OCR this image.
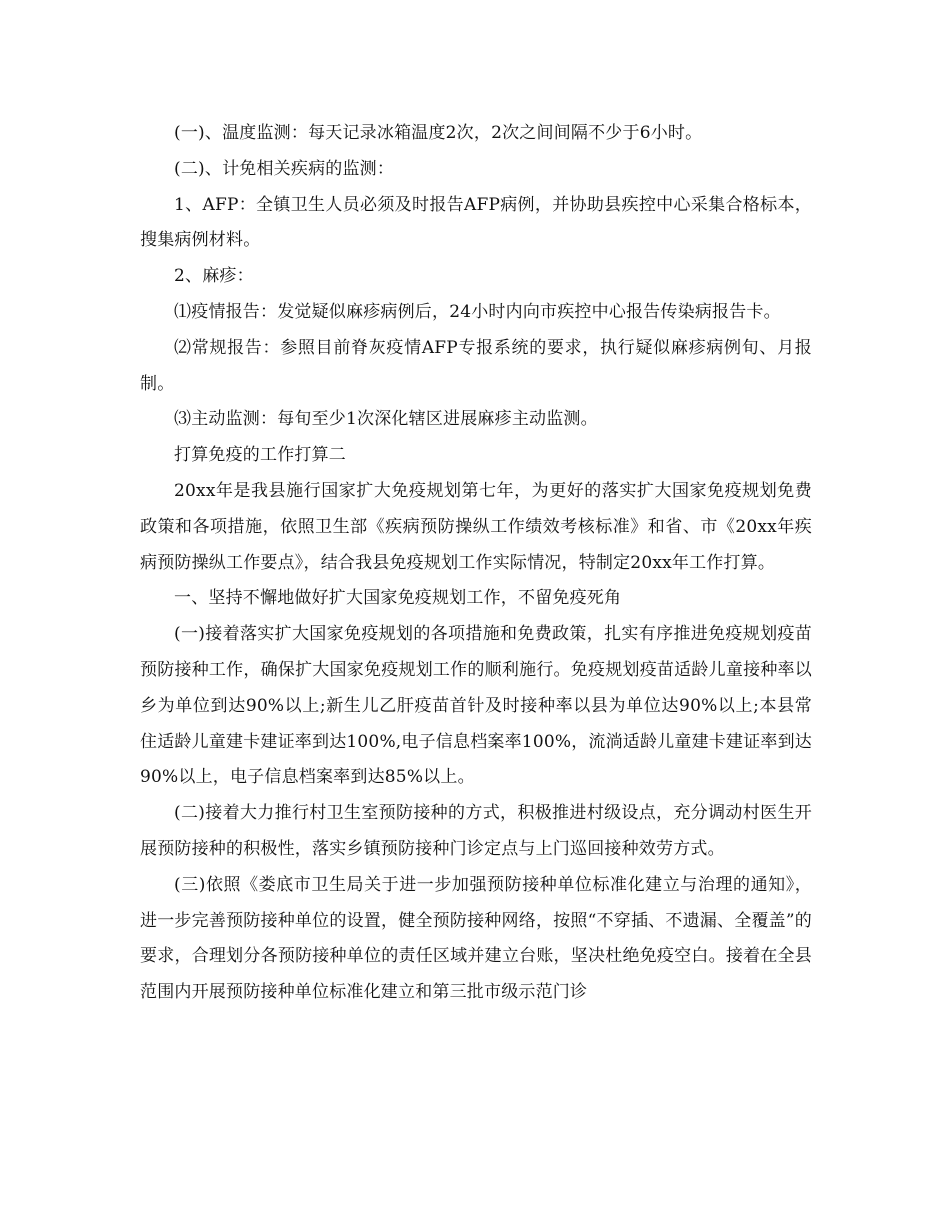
(一)、温度监测：每天记录冰箱温度2次，2次之间间隔不少于6小时。

(二)、计免相关疾病的监测：

1、AFP：全镇卫生人员必须及时报告AFP病例，并协助县疾控中心采集合格标本，搜集病例材料。

2、麻疹：

⑴疫情报告：发觉疑似麻疹病例后，24小时内向市疾控中心报告传染病报告卡。

⑵常规报告：参照目前脊灰疫情AFP专报系统的要求，执行疑似麻疹病例旬、月报制。

⑶主动监测：每旬至少1次深化辖区进展麻疹主动监测。

打算免疫的工作打算二

20xx年是我县施行国家扩大免疫规划第七年，为更好的落实扩大国家免疫规划免费政策和各项措施，依照卫生部《疾病预防操纵工作绩效考核标准》和省、市《20xx年疾病预防操纵工作要点》，结合我县免疫规划工作实际情况，特制定20xx年工作打算。

一、坚持不懈地做好扩大国家免疫规划工作，不留免疫死角

(一)接着落实扩大国家免疫规划的各项措施和免费政策，扎实有序推进免疫规划疫苗预防接种工作，确保扩大国家免疫规划工作的顺利施行。免疫规划疫苗适龄儿童接种率以乡为单位到达90%以上;新生儿乙肝疫苗首针及时接种率以县为单位达90%以上;本县常住适龄儿童建卡建证率到达100%,电子信息档案率100%，流淌适龄儿童建卡建证率到达90%以上，电子信息档案率到达85%以上。

(二)接着大力推行村卫生室预防接种的方式，积极推进村级设点，充分调动村医生开展预防接种的积极性，落实乡镇预防接种门诊定点与上门巡回接种效劳方式。

(三)依照《娄底市卫生局关于进一步加强预防接种单位标准化建立与治理的通知》，进一步完善预防接种单位的设置，健全预防接种网络，按照“不穿插、不遗漏、全覆盖”的要求，合理划分各预防接种单位的责任区域并建立台账，坚决杜绝免疫空白。接着在全县范围内开展预防接种单位标准化建立和第三批市级示范门诊
